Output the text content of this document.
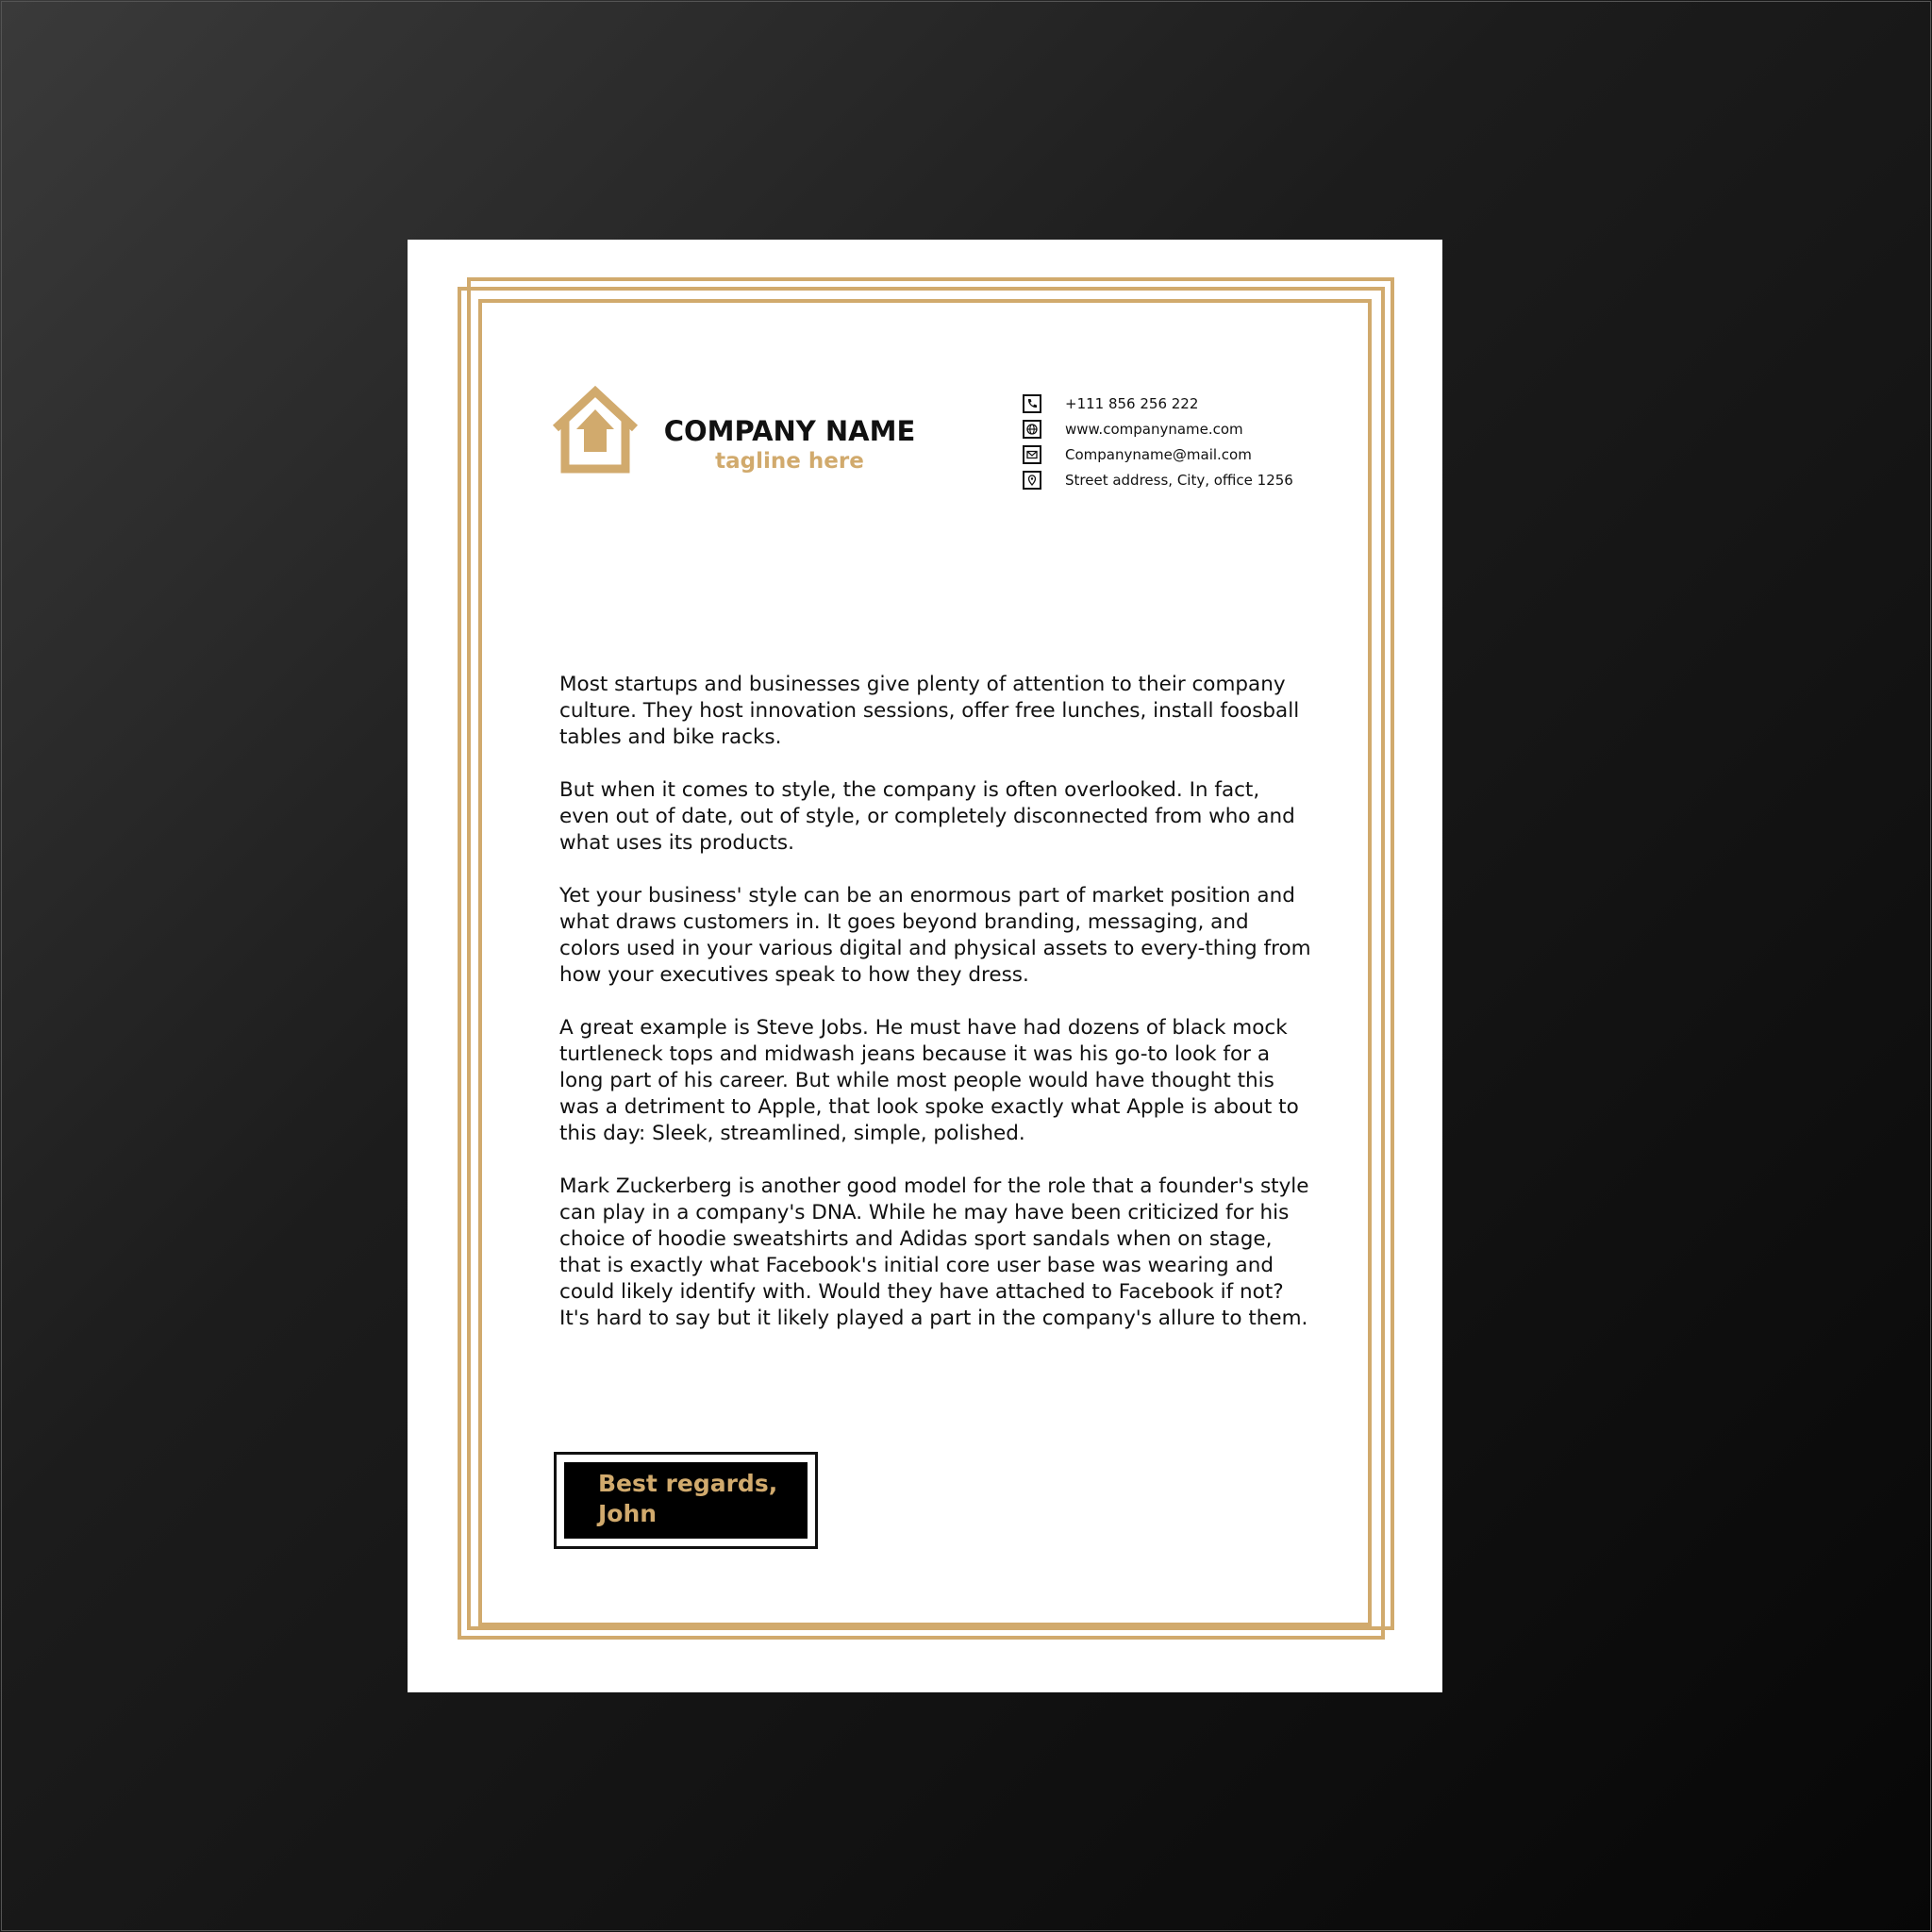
COMPANY NAME
tagline here
+111 856 256 222
www.companyname.com
Companyname@mail.com
Street address, City, office 1256

Most startups and businesses give plenty of attention to their company culture. They host innovation sessions, offer free lunches, install foosball tables and bike racks.

But when it comes to style, the company is often overlooked. In fact, even out of date, out of style, or completely disconnected from who and what uses its products.

Yet your business' style can be an enormous part of market position and what draws customers in. It goes beyond branding, messaging, and colors used in your various digital and physical assets to every-thing from how your executives speak to how they dress.

A great example is Steve Jobs. He must have had dozens of black mock turtleneck tops and midwash jeans because it was his go-to look for a long part of his career. But while most people would have thought this was a detriment to Apple, that look spoke exactly what Apple is about to this day: Sleek, streamlined, simple, polished.

Mark Zuckerberg is another good model for the role that a founder's style can play in a company's DNA. While he may have been criticized for his choice of hoodie sweatshirts and Adidas sport sandals when on stage, that is exactly what Facebook's initial core user base was wearing and could likely identify with. Would they have attached to Facebook if not? It's hard to say but it likely played a part in the company's allure to them.

Best regards,
John
